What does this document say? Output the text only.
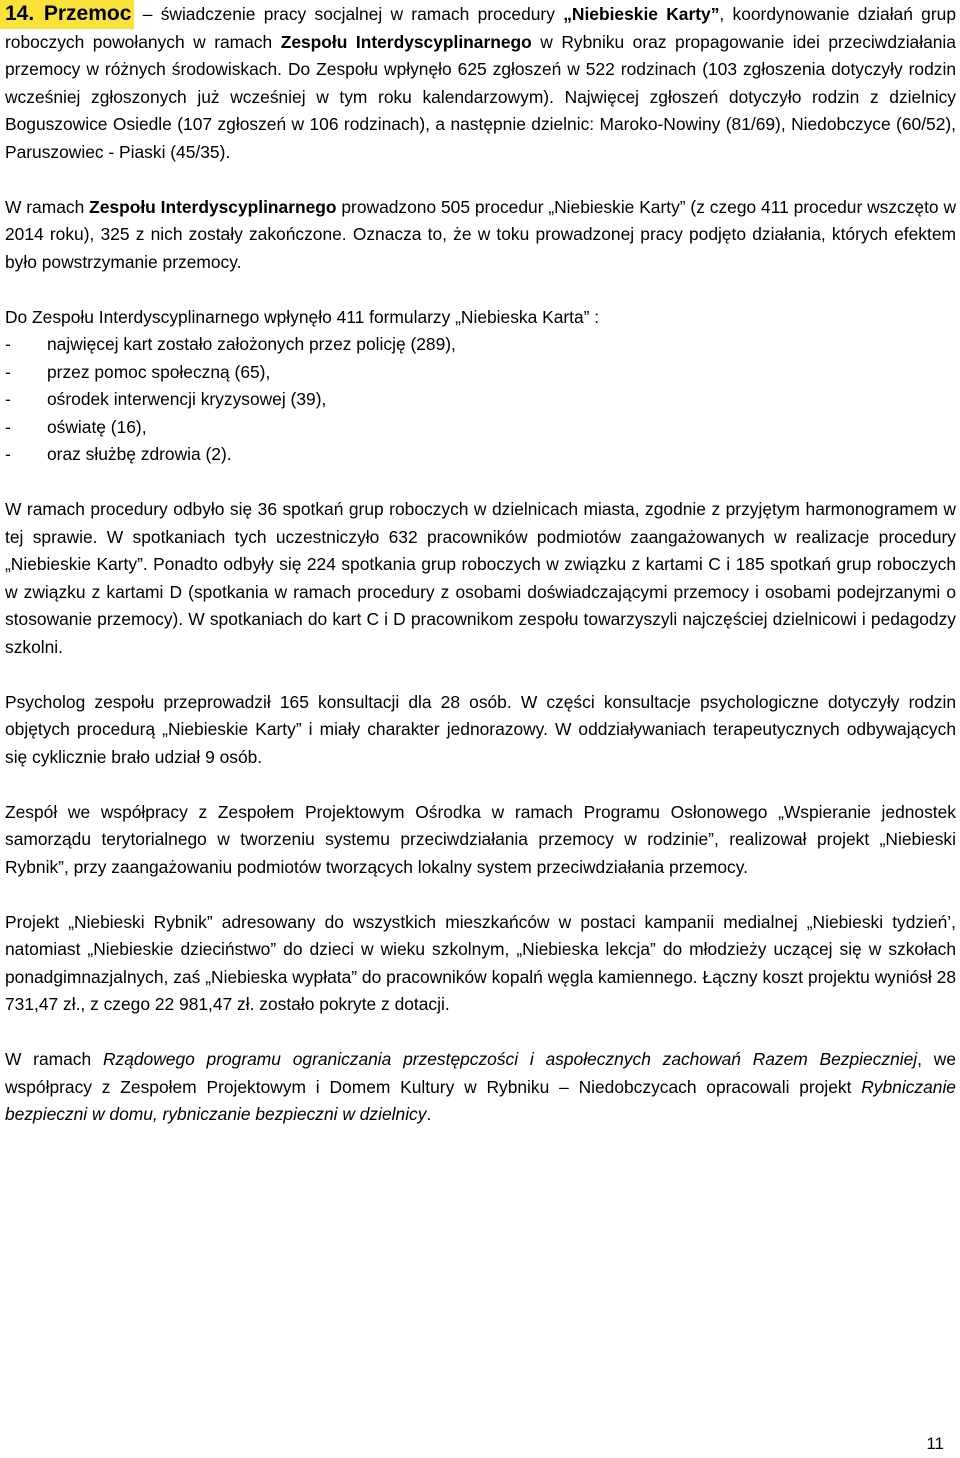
14. Przemoc – świadczenie pracy socjalnej w ramach procedury „Niebieskie Karty”, koordynowanie działań grup roboczych powołanych w ramach Zespołu Interdyscyplinarnego w Rybniku oraz propagowanie idei przeciwdziałania przemocy w różnych środowiskach. Do Zespołu wpłynęło 625 zgłoszeń w 522 rodzinach (103 zgłoszenia dotyczyły rodzin wcześniej zgłoszonych już wcześniej w tym roku kalendarzowym). Najwięcej zgłoszeń dotyczyło rodzin z dzielnicy Boguszowice Osiedle (107 zgłoszeń w 106 rodzinach), a następnie dzielnic: Maroko-Nowiny (81/69), Niedobczyce (60/52), Paruszowiec - Piaski (45/35).

W ramach Zespołu Interdyscyplinarnego prowadzono 505 procedur „Niebieskie Karty” (z czego 411 procedur wszczęto w 2014 roku), 325 z nich zostały zakończone. Oznacza to, że w toku prowadzonej pracy podjęto działania, których efektem było powstrzymanie przemocy.

Do Zespołu Interdyscyplinarnego wpłynęło 411 formularzy „Niebieska Karta” :

-	najwięcej kart zostało założonych przez policję (289),
-	przez pomoc społeczną (65),
-	ośrodek interwencji kryzysowej (39),
-	oświatę (16),
-	oraz służbę zdrowia (2).

W ramach procedury odbyło się 36 spotkań grup roboczych w dzielnicach miasta, zgodnie z przyjętym harmonogramem w tej sprawie. W spotkaniach tych uczestniczyło 632 pracowników podmiotów zaangażowanych w realizacje procedury „Niebieskie Karty”. Ponadto odbyły się 224 spotkania grup roboczych w związku z kartami C i 185 spotkań grup roboczych w związku z kartami D (spotkania w ramach procedury z osobami doświadczającymi przemocy i osobami podejrzanymi o stosowanie przemocy). W spotkaniach do kart C i D pracownikom zespołu towarzyszyli najczęściej dzielnicowi i pedagodzy szkolni.

Psycholog zespołu przeprowadził 165 konsultacji dla 28 osób. W części konsultacje psychologiczne dotyczyły rodzin objętych procedurą „Niebieskie Karty” i miały charakter jednorazowy. W oddziaływaniach terapeutycznych odbywających się cyklicznie brało udział 9 osób.

Zespół we współpracy z Zespołem Projektowym Ośrodka w ramach Programu Osłonowego „Wspieranie jednostek samorządu terytorialnego w tworzeniu systemu przeciwdziałania przemocy w rodzinie”, realizował projekt „Niebieski Rybnik”, przy zaangażowaniu podmiotów tworzących lokalny system przeciwdziałania przemocy.

Projekt „Niebieski Rybnik” adresowany do wszystkich mieszkańców w postaci kampanii medialnej „Niebieski tydzień’, natomiast „Niebieskie dzieciństwo” do dzieci w wieku szkolnym, „Niebieska lekcja” do młodzieży uczącej się w szkołach ponadgimnazjalnych, zaś „Niebieska wypłata” do pracowników kopalń węgla kamiennego. Łączny koszt projektu wyniósł 28 731,47 zł., z czego 22 981,47 zł. zostało pokryte z dotacji.

W ramach Rządowego programu ograniczania przestępczości i aspołecznych zachowań Razem Bezpieczniej, we współpracy z Zespołem Projektowym i Domem Kultury w Rybniku – Niedobczycach opracowali projekt Rybniczanie bezpieczni w domu, rybniczanie bezpieczni w dzielnicy.

11
